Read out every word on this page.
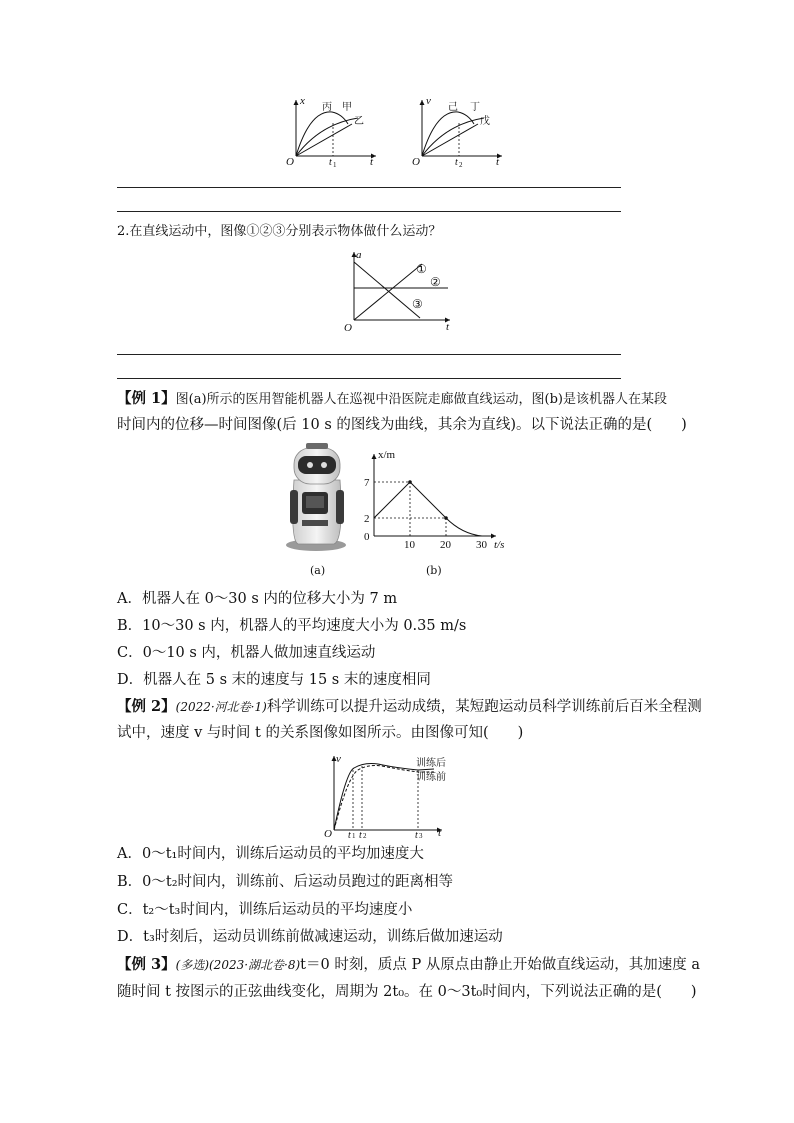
x
t
O	t 1
丙 甲
乙
v
t
O	t 2
己 丁
戊
2.在直线运动中，图像①②③分别表示物体做什么运动？
a
t
O
①
②
③
【例 1】图(a)所示的医用智能机器人在巡视中沿医院走廊做直线运动，图(b)是该机器人在某段
时间内的位移—时间图像(后 10 s 的图线为曲线，其余为直线)。以下说法正确的是(　　)
x/m
t/s
0
7
2
10 20 30
(a)	(b)
A．机器人在 0～30 s 内的位移大小为 7 m
B．10～30 s 内，机器人的平均速度大小为 0.35 m/s
C．0～10 s 内，机器人做加速直线运动
D．机器人在 5 s 末的速度与 15 s 末的速度相同
【例 2】(2022·河北卷·1)科学训练可以提升运动成绩，某短跑运动员科学训练前后百米全程测
试中，速度 v 与时间 t 的关系图像如图所示。由图像可知(　　)
v
O	t
t 1 t 2	t 3
训练后
训练前
A．0～t₁时间内，训练后运动员的平均加速度大
B．0～t₂时间内，训练前、后运动员跑过的距离相等
C．t₂～t₃时间内，训练后运动员的平均速度小
D．t₃时刻后，运动员训练前做减速运动，训练后做加速运动
【例 3】(多选)(2023·湖北卷·8)t＝0 时刻，质点 P 从原点由静止开始做直线运动，其加速度 a
随时间 t 按图示的正弦曲线变化，周期为 2t₀。在 0～3t₀时间内，下列说法正确的是(　　)
